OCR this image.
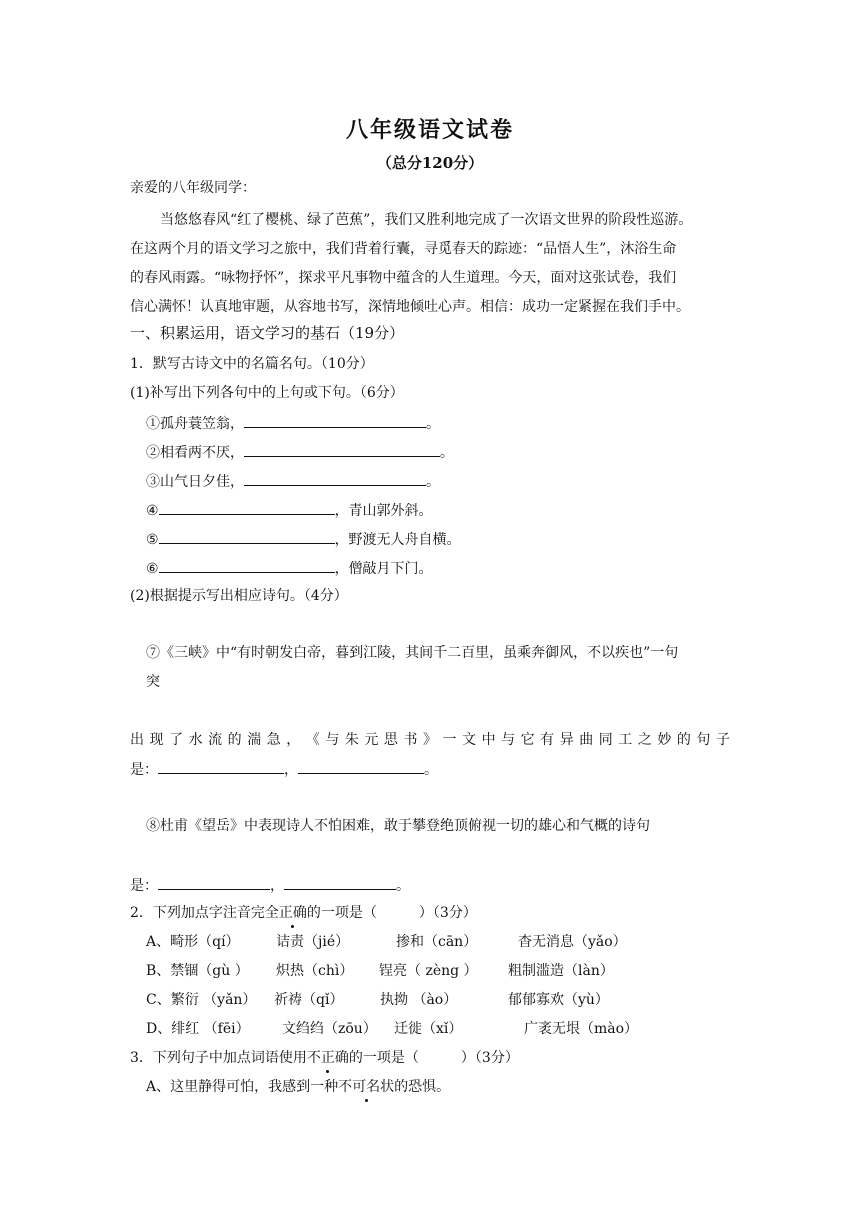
八年级语文试卷
（总分120分）
亲爱的八年级同学：
当悠悠春风“红了樱桃、绿了芭蕉”，我们又胜利地完成了一次语文世界的阶段性巡游。
在这两个月的语文学习之旅中，我们背着行囊，寻觅春天的踪迹：“品悟人生”，沐浴生命
的春风雨露。“咏物抒怀”，探求平凡事物中蕴含的人生道理。今天，面对这张试卷，我们
信心满怀！认真地审题，从容地书写，深情地倾吐心声。相信：成功一定紧握在我们手中。
一、积累运用，语文学习的基石（19分）
1．默写古诗文中的名篇名句。（10分）
(1)补写出下列各句中的上句或下句。（6分）
①孤舟蓑笠翁，	。
②相看两不厌，	。
③山气日夕佳，	。
④	，青山郭外斜。
⑤	，野渡无人舟自横。
⑥	，僧敲月下门。
(2)根据提示写出相应诗句。（4分）
⑦《三峡》中“有时朝发白帝，暮到江陵，其间千二百里，虽乘奔御风，不以疾也”一句
突
出 现 了 水 流 的 湍 急 ， 《 与 朱 元 思 书 》 一 文 中 与 它 有 异 曲 同 工 之 妙 的 句 子
是：	，	。
⑧杜甫《望岳》中表现诗人不怕困难，敢于攀登绝顶俯视一切的雄心和气概的诗句
是：	，	。
2．下列加点字注音完全正确的一项是（　　　）（3分）
A、畸形（qí）	诘责（jié）	掺和（cān）	杳无消息（yǎo）
B、禁锢（gù ） 炽热（chì） 锃亮（ zèng ） 粗制滥造（làn）
C、繁衍 （yǎn） 祈祷（qǐ）	执拗 （ào）	郁郁寡欢（yù）
D、绯红 （fēi） 文绉绉（zōu） 迁徙（xǐ）	广袤无垠（mào）
3．下列句子中加点词语使用不正确的一项是（　　　）（3分）
A、这里静得可怕，我感到一种不可名状的恐惧。
